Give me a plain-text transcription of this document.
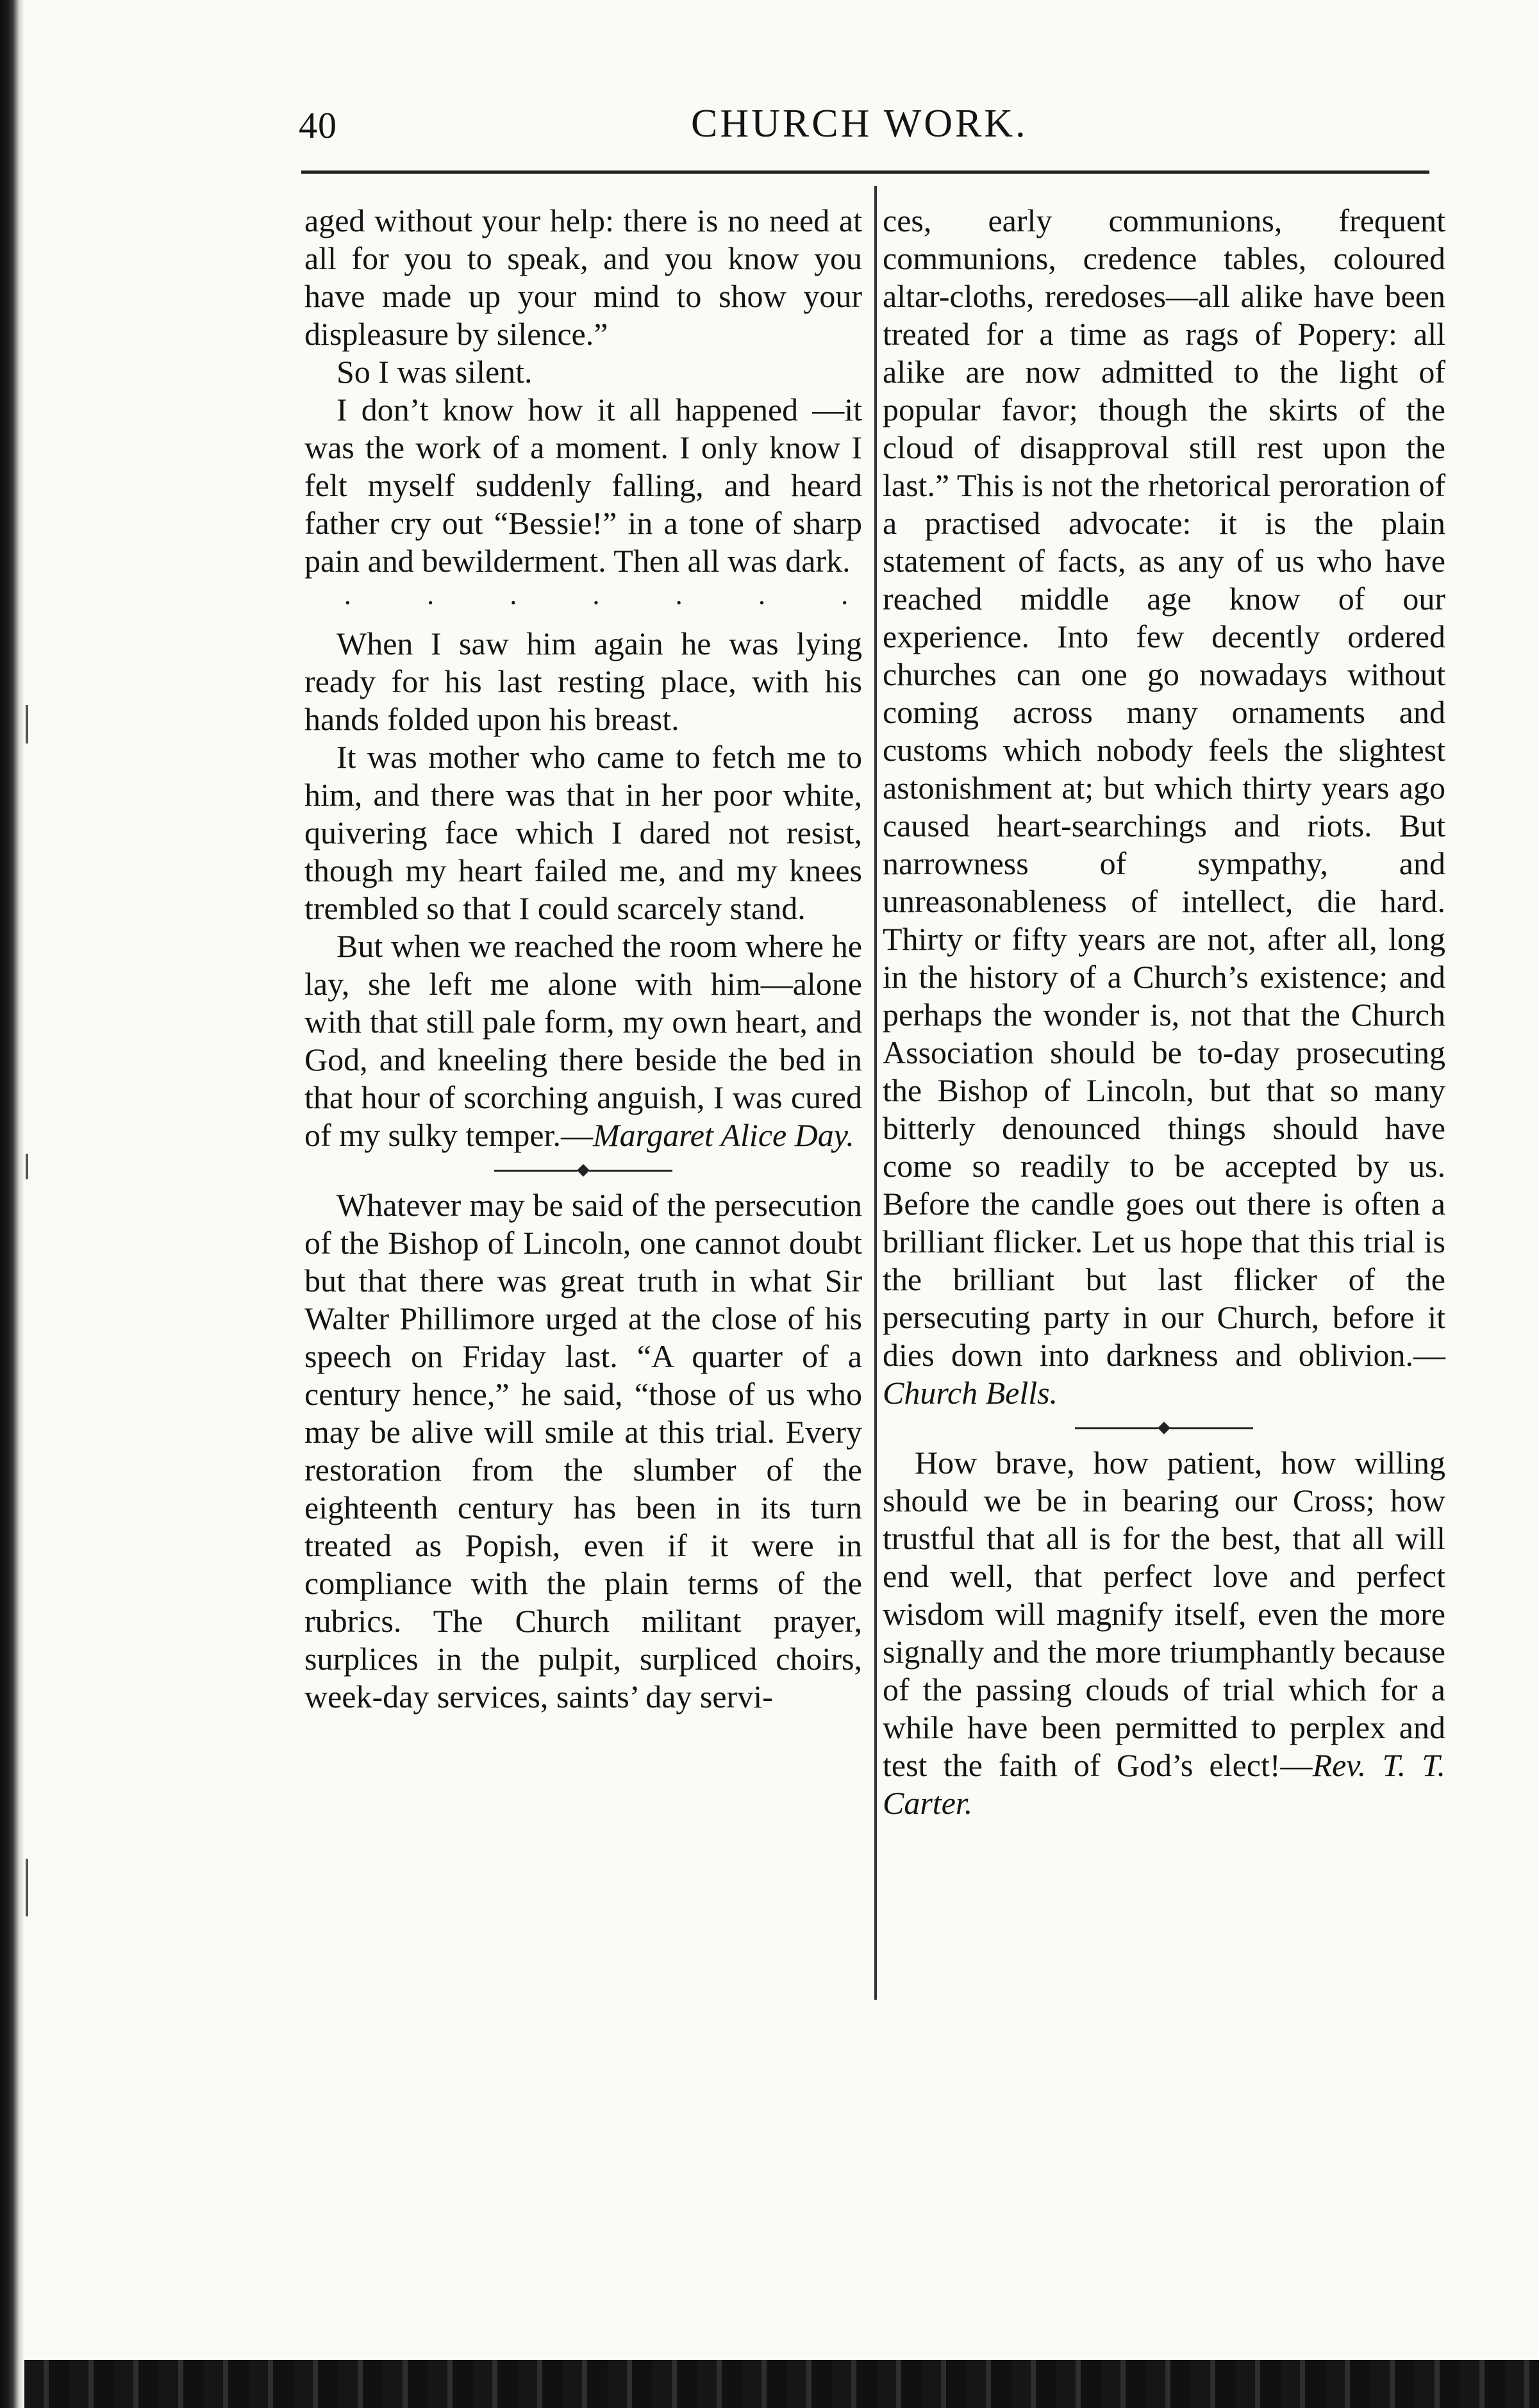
40	CHURCH WORK.

aged without your help: there is no need at all for you to speak, and you know you have made up your mind to show your displeasure by silence.”

So I was silent.

I don’t know how it all happened —it was the work of a moment. I only know I felt myself suddenly falling, and heard father cry out “Bessie!” in a tone of sharp pain and bewilderment. Then all was dark.

·	·	·	·	·	·	·

When I saw him again he was lying ready for his last resting place, with his hands folded upon his breast.

It was mother who came to fetch me to him, and there was that in her poor white, quivering face which I dared not resist, though my heart failed me, and my knees trembled so that I could scarcely stand.

But when we reached the room where he lay, she left me alone with him—alone with that still pale form, my own heart, and God, and kneeling there beside the bed in that hour of scorching anguish, I was cured of my sulky temper.—Margaret Alice Day.

Whatever may be said of the persecution of the Bishop of Lincoln, one cannot doubt but that there was great truth in what Sir Walter Phillimore urged at the close of his speech on Friday last. “A quarter of a century hence,” he said, “those of us who may be alive will smile at this trial. Every restoration from the slumber of the eighteenth century has been in its turn treated as Popish, even if it were in compliance with the plain terms of the rubrics. The Church militant prayer, surplices in the pulpit, surpliced choirs, week-day services, saints’ day servi-

ces, early communions, frequent communions, credence tables, coloured altar-cloths, reredoses—all alike have been treated for a time as rags of Popery: all alike are now admitted to the light of popular favor; though the skirts of the cloud of disapproval still rest upon the last.” This is not the rhetorical peroration of a practised advocate: it is the plain statement of facts, as any of us who have reached middle age know of our experience. Into few decently ordered churches can one go nowadays without coming across many ornaments and customs which nobody feels the slightest astonishment at; but which thirty years ago caused heart-searchings and riots. But narrowness of sympathy, and unreasonableness of intellect, die hard. Thirty or fifty years are not, after all, long in the history of a Church’s existence; and perhaps the wonder is, not that the Church Association should be to-day prosecuting the Bishop of Lincoln, but that so many bitterly denounced things should have come so readily to be accepted by us. Before the candle goes out there is often a brilliant flicker. Let us hope that this trial is the brilliant but last flicker of the persecuting party in our Church, before it dies down into darkness and oblivion.—Church Bells.

How brave, how patient, how willing should we be in bearing our Cross; how trustful that all is for the best, that all will end well, that perfect love and perfect wisdom will magnify itself, even the more signally and the more triumphantly because of the passing clouds of trial which for a while have been permitted to perplex and test the faith of God’s elect!—Rev. T. T. Carter.
